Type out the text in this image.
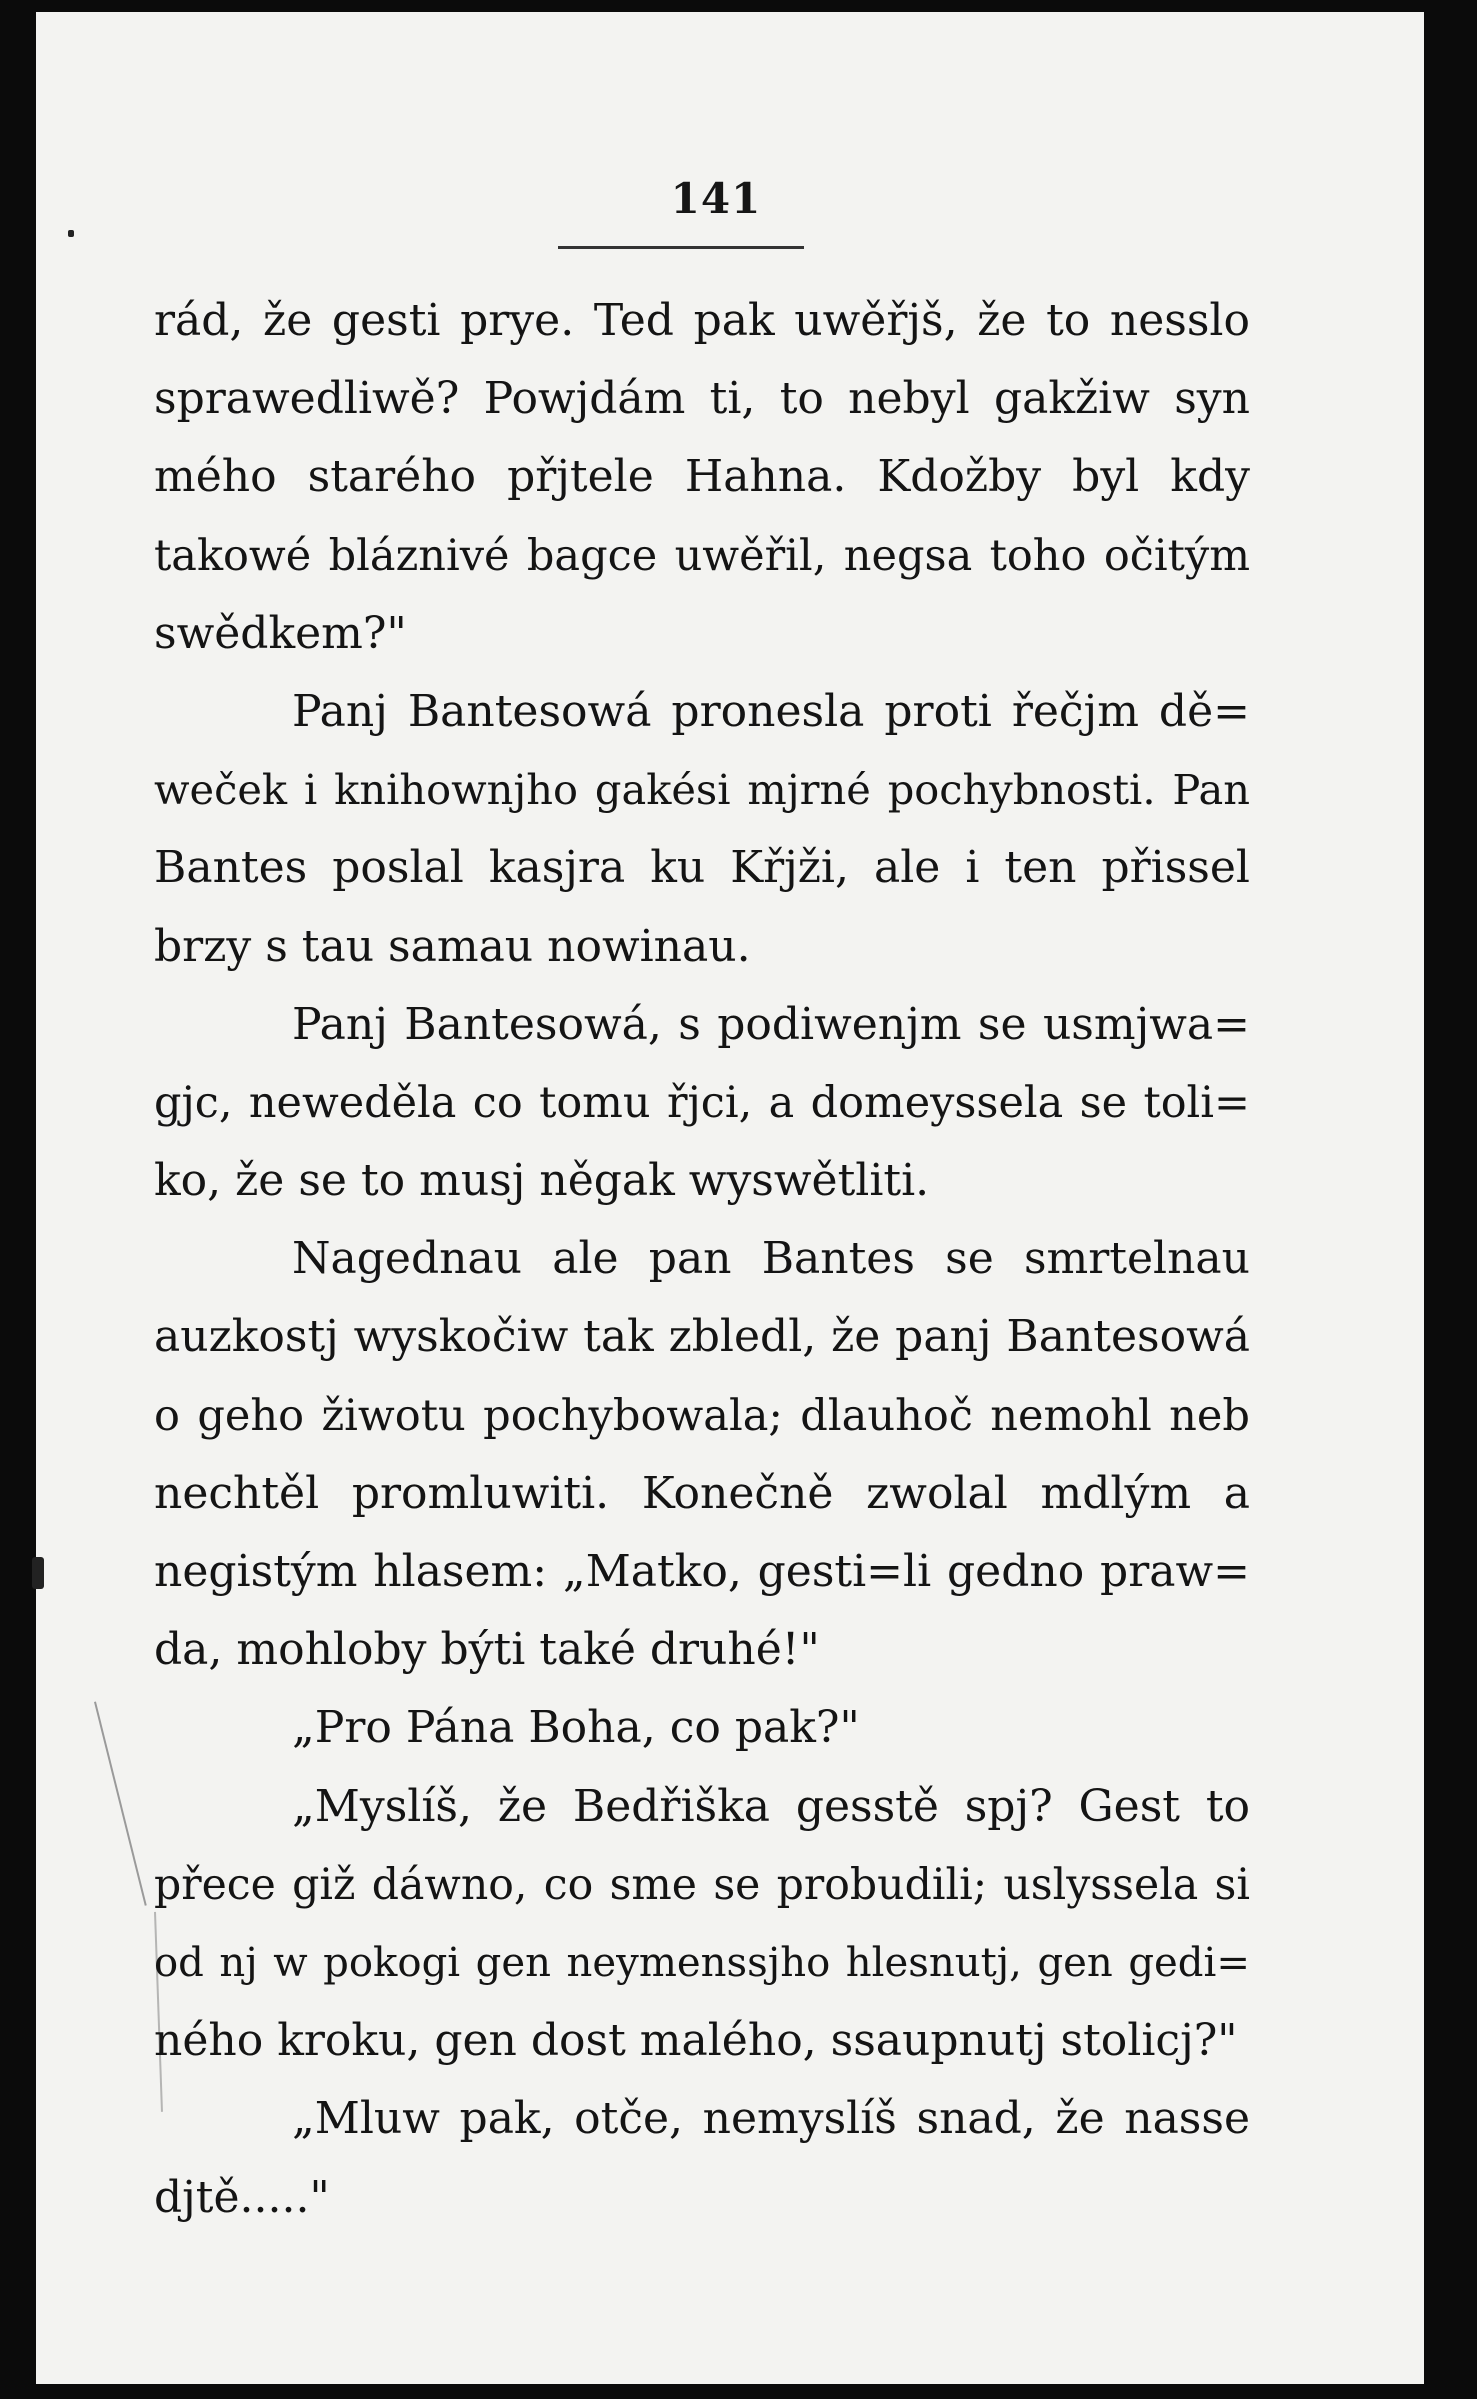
141
rád, že gesti prye. Ted pak uwěřjš, že to nesslo
sprawedliwě? Powjdám ti, to nebyl gakžiw syn
mého starého přjtele Hahna. Kdožby byl kdy
takowé bláznivé bagce uwěřil, negsa toho očitým
swědkem?"
Panj Bantesowá pronesla proti řečjm dě=
weček i knihownjho gakési mjrné pochybnosti. Pan
Bantes poslal kasjra ku Křjži, ale i ten přissel
brzy s tau samau nowinau.
Panj Bantesowá, s podiwenjm se usmjwa=
gjc, neweděla co tomu řjci, a domeyssela se toli=
ko, že se to musj něgak wyswětliti.
Nagednau ale pan Bantes se smrtelnau
auzkostj wyskočiw tak zbledl, že panj Bantesowá
o geho žiwotu pochybowala; dlauhoč nemohl neb
nechtěl promluwiti. Konečně zwolal mdlým a
negistým hlasem: „Matko, gesti=li gedno praw=
da, mohloby býti také druhé!"
„Pro Pána Boha, co pak?"
„Myslíš, že Bedřiška gesstě spj? Gest to
přece giž dáwno, co sme se probudili; uslyssela si
od nj w pokogi gen neymenssjho hlesnutj, gen gedi=
ného kroku, gen dost malého, ssaupnutj stolicj?"
„Mluw pak, otče, nemyslíš snad, že nasse
djtě....."
